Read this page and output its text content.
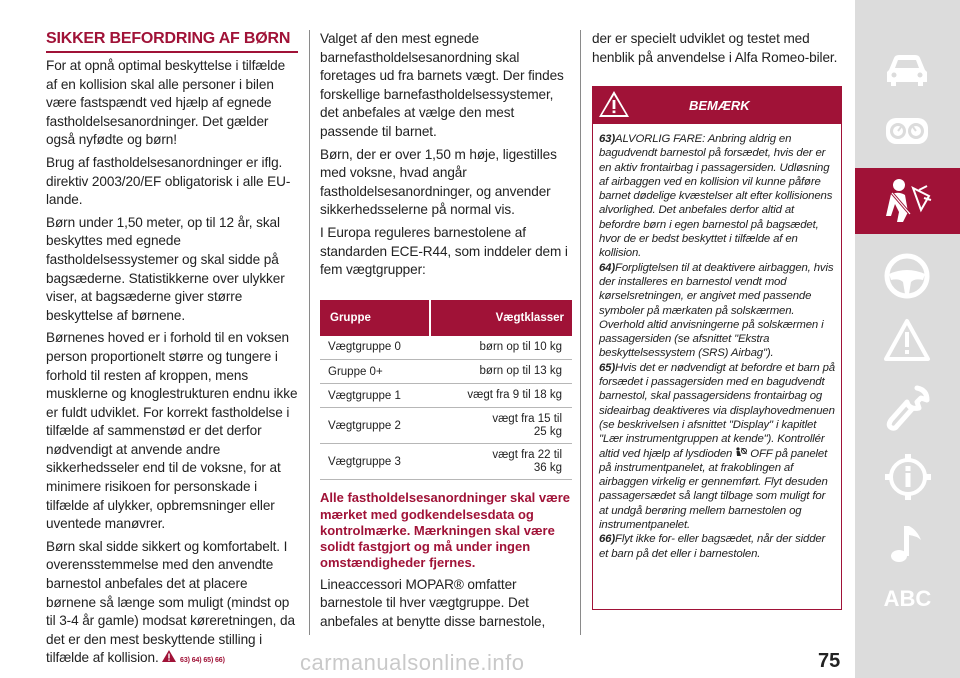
SIKKER BEFORDRING AF BØRN

For at opnå optimal beskyttelse i tilfælde af en kollision skal alle personer i bilen være fastspændt ved hjælp af egnede fastholdelsesanordninger. Det gælder også nyfødte og børn!

Brug af fastholdelsesanordninger er iflg. direktiv 2003/20/EF obligatorisk i alle EU-lande.

Børn under 1,50 meter, op til 12 år, skal beskyttes med egnede fastholdelsessystemer og skal sidde på bagsæderne. Statistikkerne over ulykker viser, at bagsæderne giver større beskyttelse af børnene.

Børnenes hoved er i forhold til en voksen person proportionelt større og tungere i forhold til resten af kroppen, mens musklerne og knoglestrukturen endnu ikke er fuldt udviklet. For korrekt fastholdelse i tilfælde af sammenstød er det derfor nødvendigt at anvende andre sikkerhedsseler end til de voksne, for at minimere risikoen for personskade i tilfælde af ulykker, opbremsninger eller uventede manøvrer.

Børn skal sidde sikkert og komfortabelt. I overensstemmelse med den anvendte barnestol anbefales det at placere børnene så længe som muligt (mindst op til 3-4 år gamle) modsat køreretningen, da det er den mest beskyttende stilling i tilfælde af kollision.	63) 64) 65) 66)

Valget af den mest egnede barnefastholdelsesanordning skal foretages ud fra barnets vægt. Der findes forskellige barnefastholdelsessystemer, det anbefales at vælge den mest passende til barnet.

Børn, der er over 1,50 m høje, ligestilles med voksne, hvad angår fastholdelsesanordninger, og anvender sikkerhedsselerne på normal vis.

I Europa reguleres barnestolene af standarden ECE-R44, som inddeler dem i fem vægtgrupper:

Gruppe	Vægtklasser
Vægtgruppe 0	børn op til 10 kg
Gruppe 0+	børn op til 13 kg
Vægtgruppe 1	vægt fra 9 til 18 kg
Vægtgruppe 2	vægt fra 15 til
25 kg
Vægtgruppe 3	vægt fra 22 til
36 kg

Alle fastholdelsesanordninger skal være mærket med godkendelsesdata og kontrolmærke. Mærkningen skal være solidt fastgjort og må under ingen omstændigheder fjernes.

Lineaccessori MOPAR® omfatter barnestole til hver vægtgruppe. Det anbefales at benytte disse barnestole,

der er specielt udviklet og testet med henblik på anvendelse i Alfa Romeo-biler.

BEMÆRK
63)ALVORLIG FARE: Anbring aldrig en bagudvendt barnestol på forsædet, hvis der er en aktiv frontairbag i passagersiden. Udløsning af airbaggen ved en kollision vil kunne påføre barnet dødelige kvæstelser alt efter kollisionens alvorlighed. Det anbefales derfor altid at befordre børn i egen barnestol på bagsædet, hvor de er bedst beskyttet i tilfælde af en kollision.
64)Forpligtelsen til at deaktivere airbaggen, hvis der installeres en barnestol vendt mod kørselsretningen, er angivet med passende symboler på mærkaten på solskærmen. Overhold altid anvisningerne på solskærmen i passagersiden (se afsnittet "Ekstra beskyttelsessystem (SRS) Airbag").
65)Hvis det er nødvendigt at befordre et barn på forsædet i passagersiden med en bagudvendt barnestol, skal passagersidens frontairbag og sideairbag deaktiveres via displayhovedmenuen (se beskrivelsen i afsnittet "Display" i kapitlet "Lær instrumentgruppen at kende"). Kontrollér altid ved hjælp af lysdioden OFF på panelet på instrumentpanelet, at frakoblingen af airbaggen virkelig er gennemført. Flyt desuden passagersædet så langt tilbage som muligt for at undgå berøring mellem barnestolen og instrumentpanelet.
66)Flyt ikke for- eller bagsædet, når der sidder et barn på det eller i barnestolen.
ABC
carmanualsonline.info	75
